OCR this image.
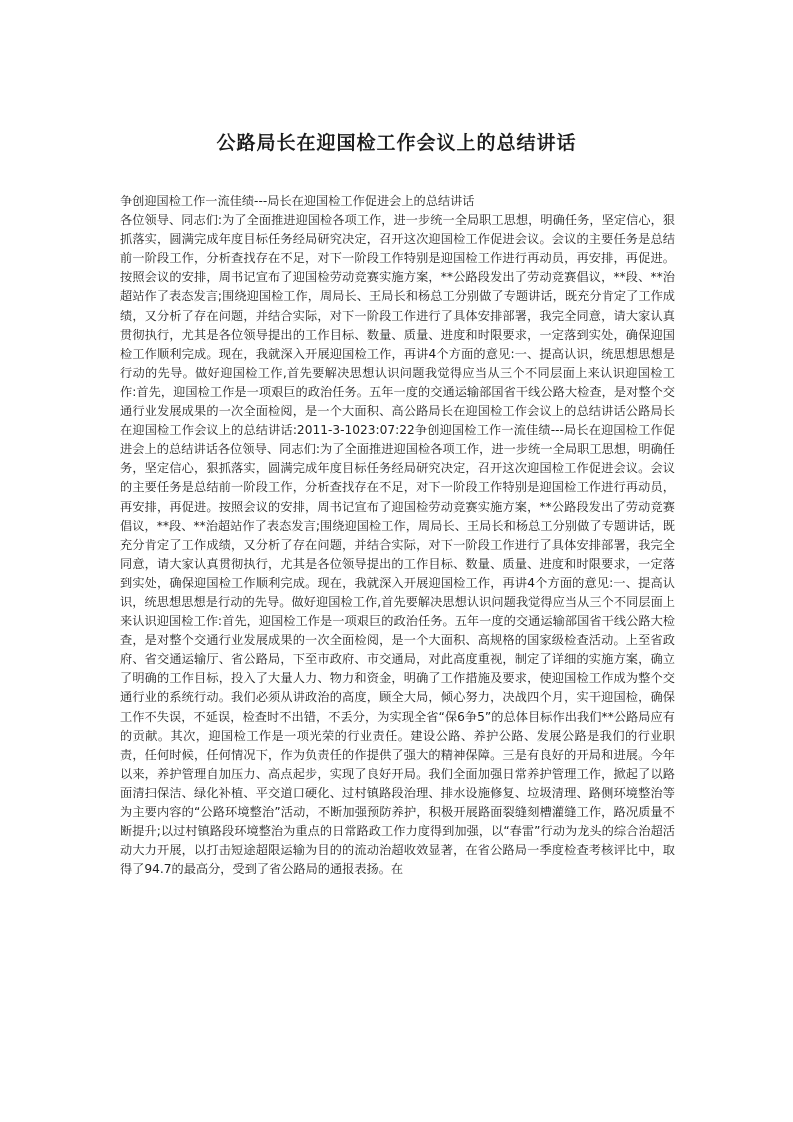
公路局长在迎国检工作会议上的总结讲话

争创迎国检工作一流佳绩---局长在迎国检工作促进会上的总结讲话

各位领导、同志们:为了全面推进迎国检各项工作，进一步统一全局职工思想，明确任务，坚定信心，狠抓落实，圆满完成年度目标任务经局研究决定，召开这次迎国检工作促进会议。会议的主要任务是总结前一阶段工作，分析查找存在不足，对下一阶段工作特别是迎国检工作进行再动员，再安排，再促进。按照会议的安排，周书记宣布了迎国检劳动竞赛实施方案，**公路段发出了劳动竞赛倡议，**段、**治超站作了表态发言;围绕迎国检工作，周局长、王局长和杨总工分别做了专题讲话，既充分肯定了工作成绩，又分析了存在问题，并结合实际，对下一阶段工作进行了具体安排部署，我完全同意，请大家认真贯彻执行，尤其是各位领导提出的工作目标、数量、质量、进度和时限要求，一定落到实处，确保迎国检工作顺利完成。现在，我就深入开展迎国检工作，再讲4个方面的意见:一、提高认识，统思想思想是行动的先导。做好迎国检工作,首先要解决思想认识问题我觉得应当从三个不同层面上来认识迎国检工作:首先，迎国检工作是一项艰巨的政治任务。五年一度的交通运输部国省干线公路大检查，是对整个交通行业发展成果的一次全面检阅，是一个大面积、高公路局长在迎国检工作会议上的总结讲话公路局长在迎国检工作会议上的总结讲话:2011-3-1023:07:22争创迎国检工作一流佳绩---局长在迎国检工作促进会上的总结讲话各位领导、同志们:为了全面推进迎国检各项工作，进一步统一全局职工思想，明确任务，坚定信心，狠抓落实，圆满完成年度目标任务经局研究决定，召开这次迎国检工作促进会议。会议的主要任务是总结前一阶段工作，分析查找存在不足，对下一阶段工作特别是迎国检工作进行再动员，再安排，再促进。按照会议的安排，周书记宣布了迎国检劳动竞赛实施方案，**公路段发出了劳动竞赛倡议，**段、**治超站作了表态发言;围绕迎国检工作，周局长、王局长和杨总工分别做了专题讲话，既充分肯定了工作成绩，又分析了存在问题，并结合实际，对下一阶段工作进行了具体安排部署，我完全同意，请大家认真贯彻执行，尤其是各位领导提出的工作目标、数量、质量、进度和时限要求，一定落到实处，确保迎国检工作顺利完成。现在，我就深入开展迎国检工作，再讲4个方面的意见:一、提高认识，统思想思想是行动的先导。做好迎国检工作,首先要解决思想认识问题我觉得应当从三个不同层面上来认识迎国检工作:首先，迎国检工作是一项艰巨的政治任务。五年一度的交通运输部国省干线公路大检查，是对整个交通行业发展成果的一次全面检阅，是一个大面积、高规格的国家级检查活动。上至省政府、省交通运输厅、省公路局，下至市政府、市交通局，对此高度重视，制定了详细的实施方案，确立了明确的工作目标，投入了大量人力、物力和资金，明确了工作措施及要求，使迎国检工作成为整个交通行业的系统行动。我们必须从讲政治的高度，顾全大局，倾心努力，决战四个月，实干迎国检，确保工作不失误，不延误，检查时不出错，不丢分，为实现全省“保6争5”的总体目标作出我们**公路局应有的贡献。其次，迎国检工作是一项光荣的行业责任。建设公路、养护公路、发展公路是我们的行业职责，任何时候，任何情况下，作为负责任的作提供了强大的精神保障。三是有良好的开局和进展。今年以来，养护管理自加压力、高点起步，实现了良好开局。我们全面加强日常养护管理工作，掀起了以路面清扫保洁、绿化补植、平交道口硬化、过村镇路段治理、排水设施修复、垃圾清理、路侧环境整治等为主要内容的“公路环境整治”活动，不断加强预防养护，积极开展路面裂缝刻槽灌缝工作，路况质量不断提升;以过村镇路段环境整治为重点的日常路政工作力度得到加强，以“春雷”行动为龙头的综合治超活动大力开展，以打击短途超限运输为目的的流动治超收效显著，在省公路局一季度检查考核评比中，取得了94.7的最高分，受到了省公路局的通报表扬。在
